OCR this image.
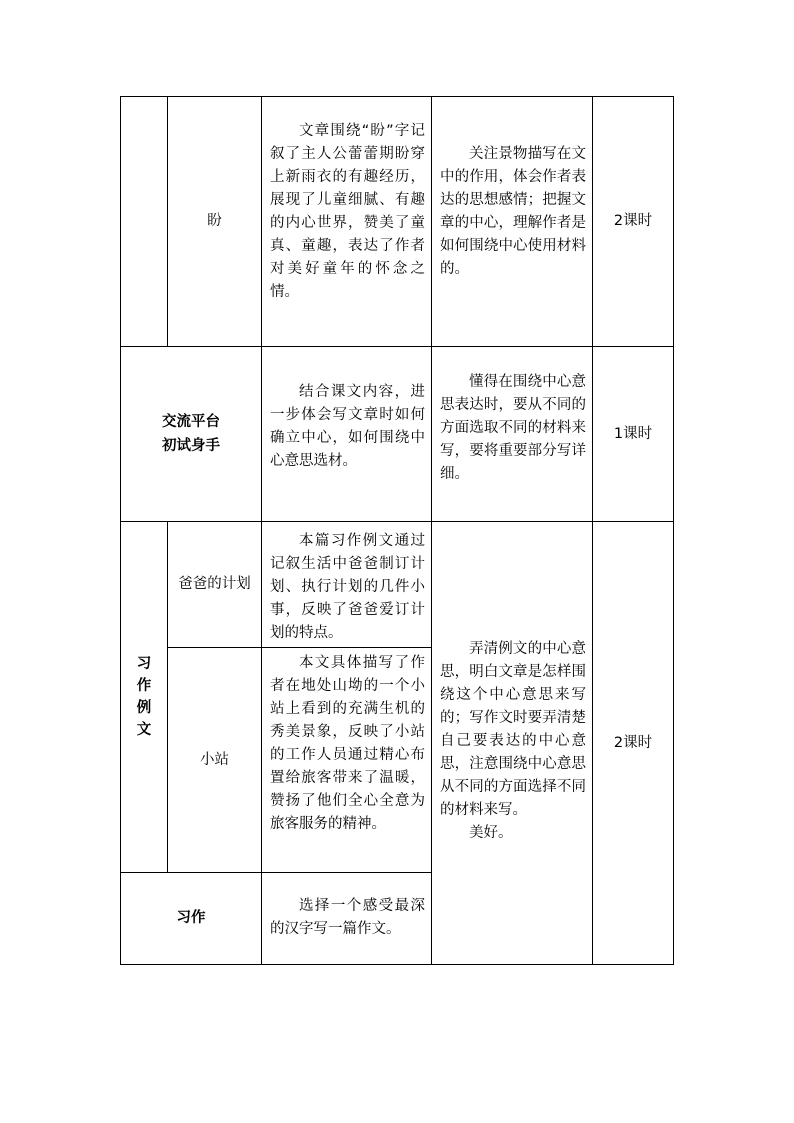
盼
文章围绕“盼”字记叙了主人公蕾蕾期盼穿上新雨衣的有趣经历，展现了儿童细腻、有趣的内心世界，赞美了童真、童趣，表达了作者对美好童年的怀念之情。
关注景物描写在文中的作用，体会作者表达的思想感情；把握文章的中心，理解作者是如何围绕中心使用材料的。
2课时
交流平台
初试身手
结合课文内容，进一步体会写文章时如何确立中心，如何围绕中心意思选材。
懂得在围绕中心意思表达时，要从不同的方面选取不同的材料来写，要将重要部分写详细。
1课时
习
作
例
文
爸爸的计划
本篇习作例文通过记叙生活中爸爸制订计划、执行计划的几件小事，反映了爸爸爱订计划的特点。
小站
本文具体描写了作者在地处山坳的一个小站上看到的充满生机的秀美景象，反映了小站的工作人员通过精心布置给旅客带来了温暖，赞扬了他们全心全意为旅客服务的精神。
弄清例文的中心意思，明白文章是怎样围绕这个中心意思来写的；写作文时要弄清楚自己要表达的中心意思，注意围绕中心意思从不同的方面选择不同的材料来写。
美好。
2课时
习作
选择一个感受最深的汉字写一篇作文。
